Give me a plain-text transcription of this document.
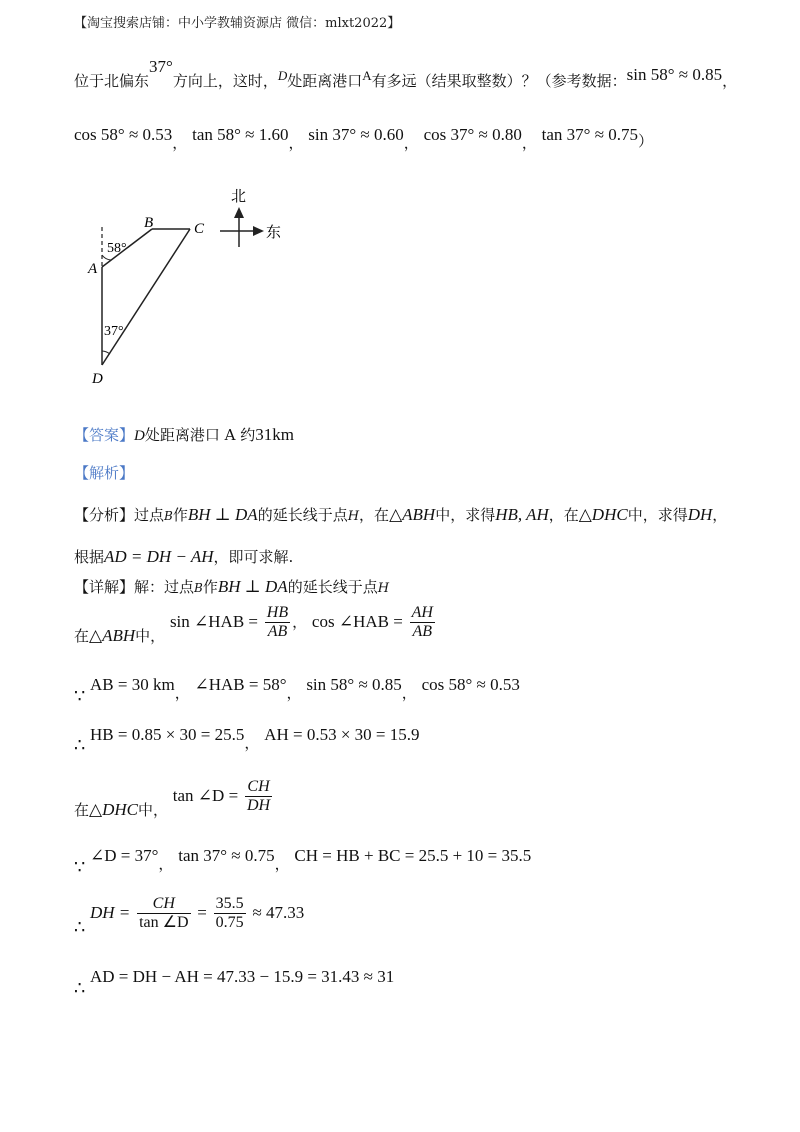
【淘宝搜索店铺：中小学教辅资源店 微信：mlxt2022】
位于北偏东37°方向上，这时，D处距离港口A有多远（结果取整数）？（参考数据：sin 58° ≈ 0.85，
cos 58° ≈ 0.53， tan 58° ≈ 1.60， sin 37° ≈ 0.60， cos 37° ≈ 0.80， tan 37° ≈ 0.75）
B	C
A
D
58°
37°
北
东
【答案】D处距离港口 A 约31km
【解析】
【分析】过点B作BH ⊥ DA的延长线于点H，在△ABH中，求得HB, AH，在△DHC中，求得DH，
根据AD = DH − AH，即可求解.
【详解】解：过点B作BH ⊥ DA的延长线于点H
在△ABH中， sin ∠HAB = $\frac{HB}{AB}$ ， cos ∠HAB = $\frac{AH}{AB}$
∵
AB = 30 km， ∠HAB = 58°， sin 58° ≈ 0.85， cos 58° ≈ 0.53
∴
HB = 0.85 × 30 = 25.5， AH = 0.53 × 30 = 15.9
在△DHC中， tan ∠D = $\frac{CH}{DH}$
∵
∠D = 37°， tan 37° ≈ 0.75， CH = HB + BC = 25.5 + 10 = 35.5
∴
DH = $\frac{CH}{\tan \angle D} = \frac{35.5}{0.75} \approx 47.33$
∴
AD = DH − AH = 47.33 − 15.9 = 31.43 ≈ 31
